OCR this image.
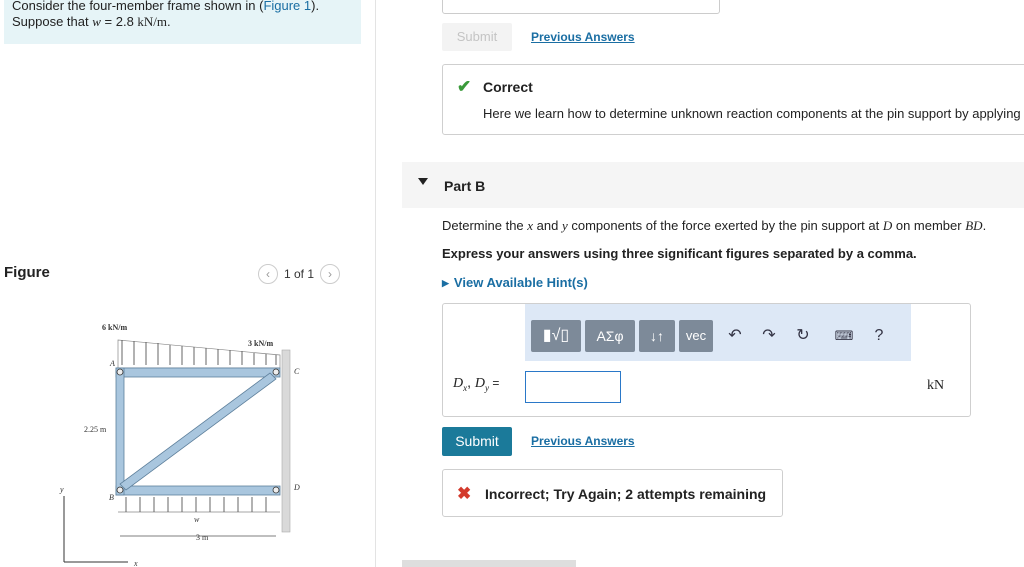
Consider the four-member frame shown in (Figure 1).
Suppose that w = 2.8 kN/m.
Figure	‹ 1 of 1 ›
6 kN/m
3 kN/m
A
B
C
D
w
3 m
2.25 m
y
x
Submit	Previous Answers
✔ Correct
Here we learn how to determine unknown reaction components at the pin support by applying
Part B
Determine the x and y components of the force exerted by the pin support at D on member BD.
Express your answers using three significant figures separated by a comma.
▶ View Available Hint(s)
▮√▯	ΑΣφ	↓↑	vec	↶	↷	↻	⌨	?
$D_x$, $D_y$ =	kN
Submit	Previous Answers
✖ Incorrect; Try Again; 2 attempts remaining
